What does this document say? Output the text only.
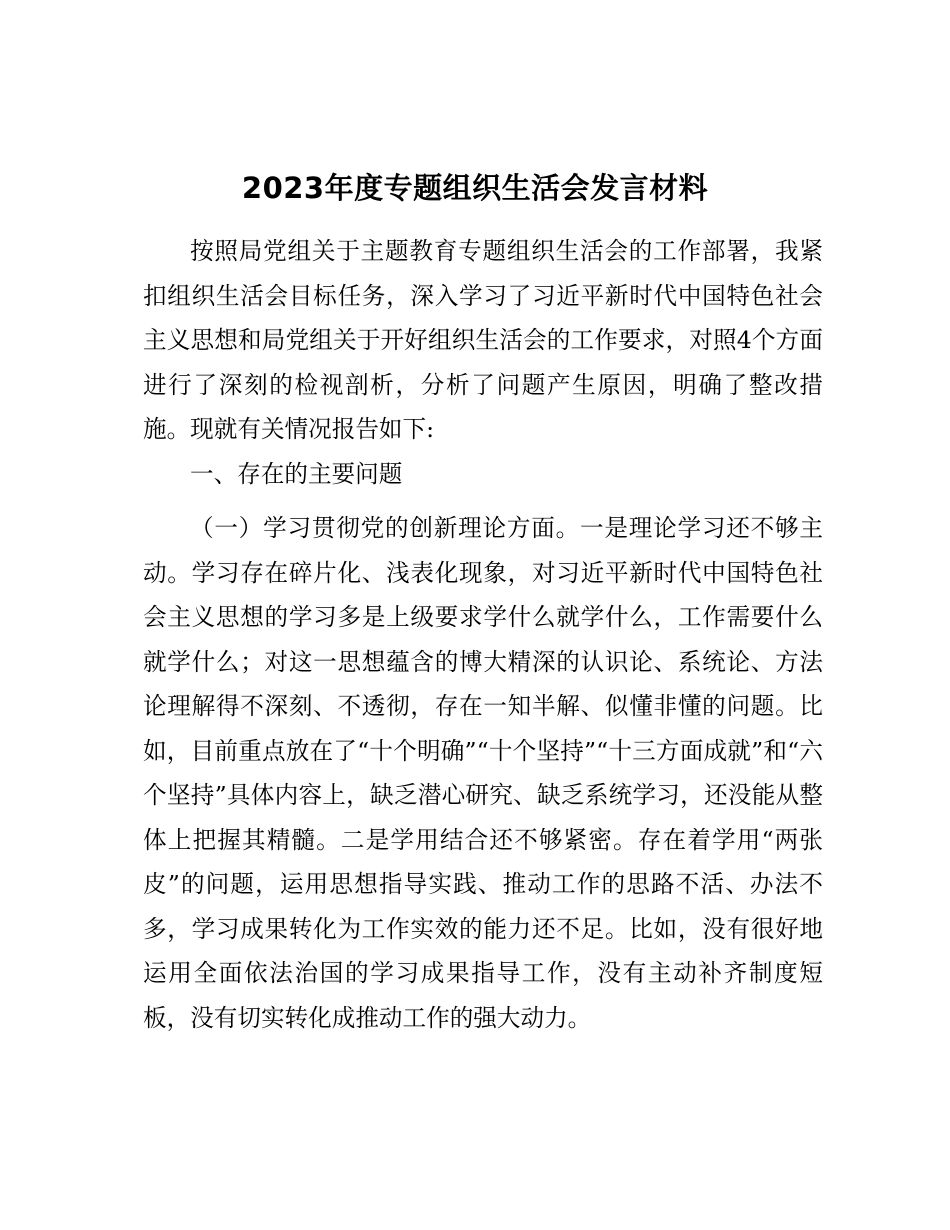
2023年度专题组织生活会发言材料

按照局党组关于主题教育专题组织生活会的工作部署，我紧扣组织生活会目标任务，深入学习了习近平新时代中国特色社会主义思想和局党组关于开好组织生活会的工作要求，对照4个方面进行了深刻的检视剖析，分析了问题产生原因，明确了整改措施。现就有关情况报告如下:

一、存在的主要问题

（一）学习贯彻党的创新理论方面。一是理论学习还不够主动。学习存在碎片化、浅表化现象，对习近平新时代中国特色社会主义思想的学习多是上级要求学什么就学什么，工作需要什么就学什么；对这一思想蕴含的博大精深的认识论、系统论、方法论理解得不深刻、不透彻，存在一知半解、似懂非懂的问题。比如，目前重点放在了“十个明确”“十个坚持”“十三方面成就”和“六个坚持”具体内容上，缺乏潜心研究、缺乏系统学习，还没能从整体上把握其精髓。二是学用结合还不够紧密。存在着学用“两张皮”的问题，运用思想指导实践、推动工作的思路不活、办法不多，学习成果转化为工作实效的能力还不足。比如，没有很好地运用全面依法治国的学习成果指导工作，没有主动补齐制度短板，没有切实转化成推动工作的强大动力。
